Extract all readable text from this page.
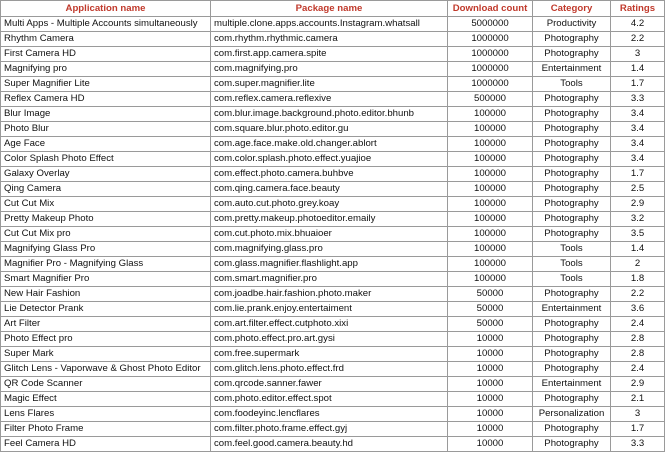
Application name	Package name	Download count	Category	Ratings
Multi Apps - Multiple Accounts simultaneously	multiple.clone.apps.accounts.Instagram.whatsall	5000000	Productivity	4.2
Rhythm Camera	com.rhythm.rhythmic.camera	1000000	Photography	2.2
First Camera HD	com.first.app.camera.spite	1000000	Photography	3
Magnifying pro	com.magnifying.pro	1000000	Entertainment	1.4
Super Magnifier Lite	com.super.magnifier.lite	1000000	Tools	1.7
Reflex Camera HD	com.reflex.camera.reflexive	500000	Photography	3.3
Blur Image	com.blur.image.background.photo.editor.bhunb	100000	Photography	3.4
Photo Blur	com.square.blur.photo.editor.gu	100000	Photography	3.4
Age Face	com.age.face.make.old.changer.ablort	100000	Photography	3.4
Color Splash Photo Effect	com.color.splash.photo.effect.yuajioe	100000	Photography	3.4
Galaxy Overlay	com.effect.photo.camera.buhbve	100000	Photography	1.7
Qing Camera	com.qing.camera.face.beauty	100000	Photography	2.5
Cut Cut Mix	com.auto.cut.photo.grey.koay	100000	Photography	2.9
Pretty Makeup Photo	com.pretty.makeup.photoeditor.emaily	100000	Photography	3.2
Cut Cut Mix pro	com.cut.photo.mix.bhuaioer	100000	Photography	3.5
Magnifying Glass Pro	com.magnifying.glass.pro	100000	Tools	1.4
Magnifier Pro - Magnifying Glass	com.glass.magnifier.flashlight.app	100000	Tools	2
Smart Magnifier Pro	com.smart.magnifier.pro	100000	Tools	1.8
New Hair Fashion	com.joadbe.hair.fashion.photo.maker	50000	Photography	2.2
Lie Detector Prank	com.lie.prank.enjoy.entertaiment	50000	Entertainment	3.6
Art Filter	com.art.filter.effect.cutphoto.xixi	50000	Photography	2.4
Photo Effect pro	com.photo.effect.pro.art.gysi	10000	Photography	2.8
Super Mark	com.free.supermark	10000	Photography	2.8
Glitch Lens - Vaporwave & Ghost Photo Editor	com.glitch.lens.photo.effect.frd	10000	Photography	2.4
QR Code Scanner	com.qrcode.sanner.fawer	10000	Entertainment	2.9
Magic Effect	com.photo.editor.effect.spot	10000	Photography	2.1
Lens Flares	com.foodeyinc.lencflares	10000	Personalization	3
Filter Photo Frame	com.filter.photo.frame.effect.gyj	10000	Photography	1.7
Feel Camera HD	com.feel.good.camera.beauty.hd	10000	Photography	3.3
